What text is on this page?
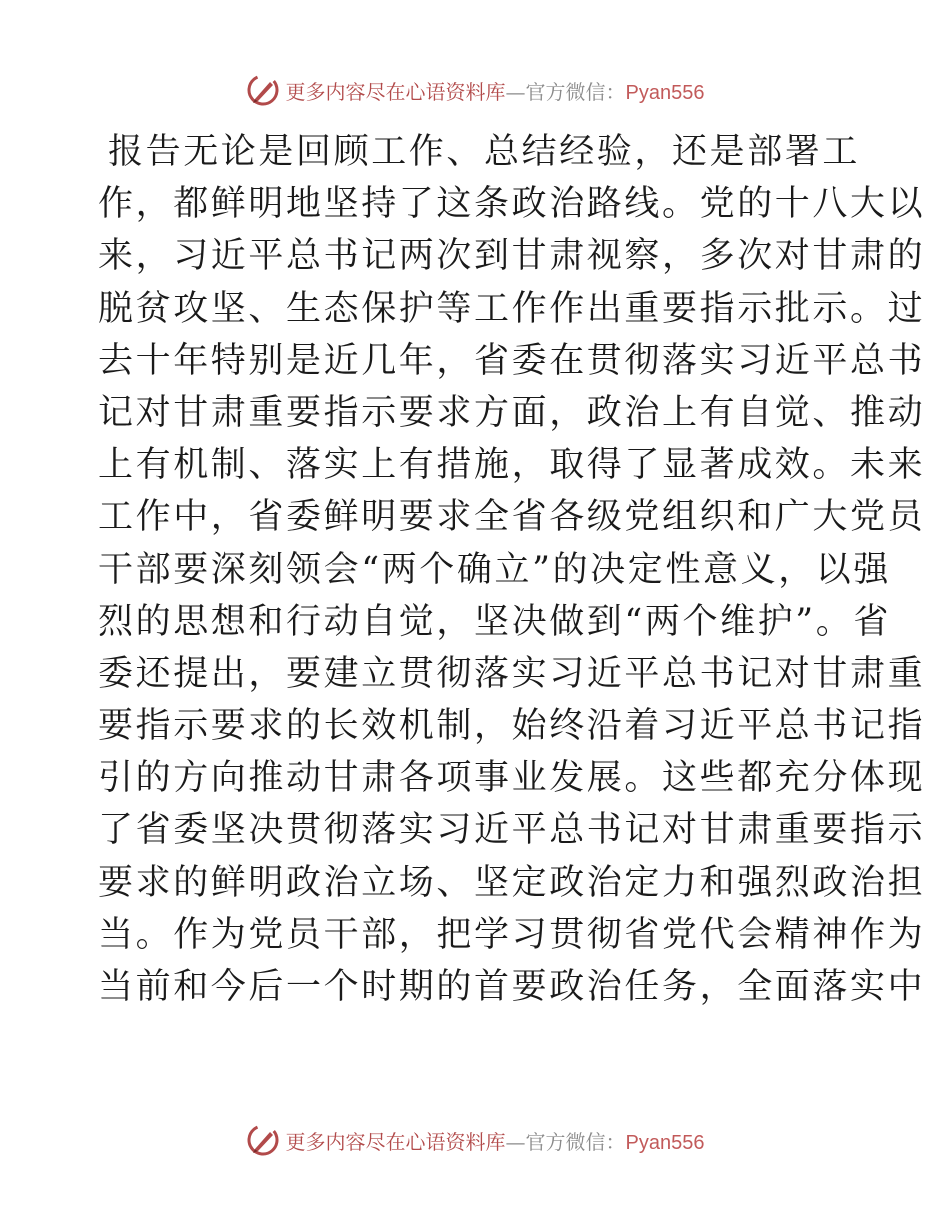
更多内容尽在心语资料库—官方微信：Pyan556

报告无论是回顾工作、总结经验，还是部署工

作，都鲜明地坚持了这条政治路线。党的十八大以

来，习近平总书记两次到甘肃视察，多次对甘肃的

脱贫攻坚、生态保护等工作作出重要指示批示。过

去十年特别是近几年，省委在贯彻落实习近平总书

记对甘肃重要指示要求方面，政治上有自觉、推动

上有机制、落实上有措施，取得了显著成效。未来

工作中，省委鲜明要求全省各级党组织和广大党员

干部要深刻领会“两个确立”的决定性意义，以强

烈的思想和行动自觉，坚决做到“两个维护”。省

委还提出，要建立贯彻落实习近平总书记对甘肃重

要指示要求的长效机制，始终沿着习近平总书记指

引的方向推动甘肃各项事业发展。这些都充分体现

了省委坚决贯彻落实习近平总书记对甘肃重要指示

要求的鲜明政治立场、坚定政治定力和强烈政治担

当。作为党员干部，把学习贯彻省党代会精神作为

当前和今后一个时期的首要政治任务，全面落实中

更多内容尽在心语资料库—官方微信：Pyan556
